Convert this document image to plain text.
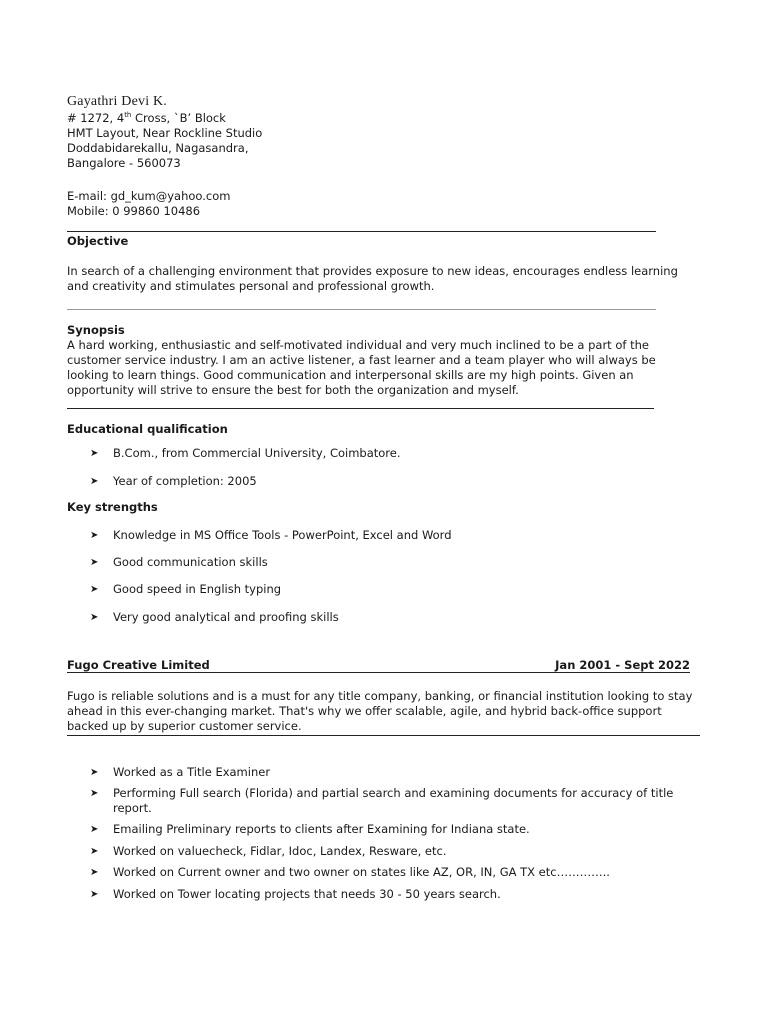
Gayathri Devi K.
# 1272, 4th Cross, `B’ Block
HMT Layout, Near Rockline Studio
Doddabidarekallu, Nagasandra,
Bangalore - 560073
E-mail: gd_kum@yahoo.com
Mobile: 0 99860 10486
Objective
In search of a challenging environment that provides exposure to new ideas, encourages endless learning and creativity and stimulates personal and professional growth.
Synopsis
A hard working, enthusiastic and self-motivated individual and very much inclined to be a part of the customer service industry. I am an active listener, a fast learner and a team player who will always be looking to learn things. Good communication and interpersonal skills are my high points. Given an opportunity will strive to ensure the best for both the organization and myself.
Educational qualification
➤ B.Com., from Commercial University, Coimbatore.
➤ Year of completion: 2005
Key strengths
➤ Knowledge in MS Office Tools - PowerPoint, Excel and Word
➤ Good communication skills
➤ Good speed in English typing
➤ Very good analytical and proofing skills
Fugo Creative Limited	Jan 2001 - Sept 2022
Fugo is reliable solutions and is a must for any title company, banking, or financial institution looking to stay ahead in this ever-changing market. That's why we offer scalable, agile, and hybrid back-office support backed up by superior customer service.
➤ Worked as a Title Examiner
➤ Performing Full search (Florida) and partial search and examining documents for accuracy of title report.
➤ Emailing Preliminary reports to clients after Examining for Indiana state.
➤ Worked on valuecheck, Fidlar, Idoc, Landex, Resware, etc.
➤ Worked on Current owner and two owner on states like AZ, OR, IN, GA TX etc…………..
➤ Worked on Tower locating projects that needs 30 - 50 years search.
